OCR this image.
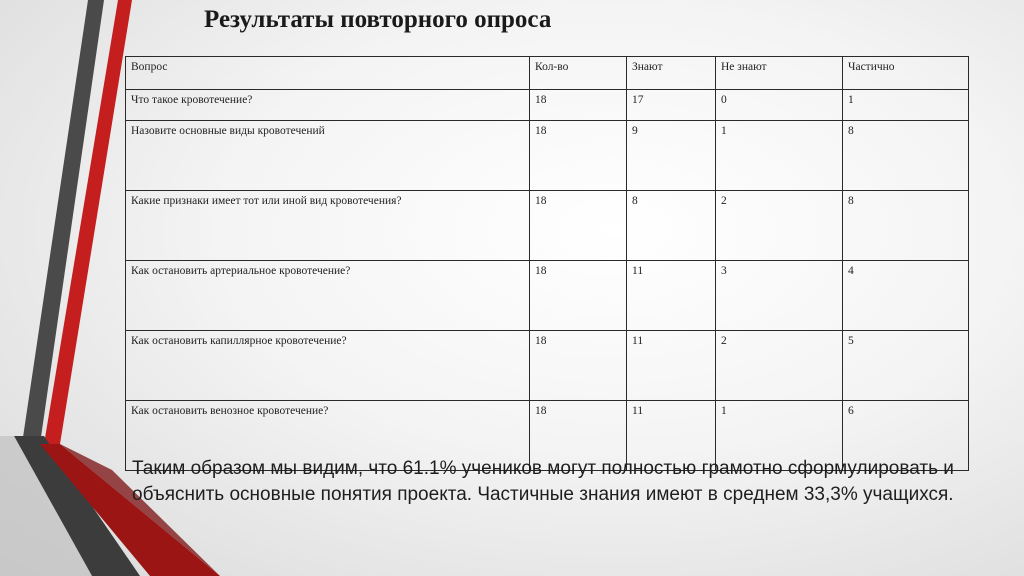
Результаты повторного опроса
Вопрос	Кол-во	Знают	Не знают	Частично
Что такое кровотечение?	18	17	0	1
Назовите основные виды кровотечений	18	9	1	8
Какие признаки имеет тот или иной вид кровотечения?	18	8	2	8
Как остановить артериальное кровотечение?	18	11	3	4
Как остановить капиллярное кровотечение?	18	11	2	5
Как остановить венозное кровотечение?	18	11	1	6
Таким образом мы видим, что 61.1% учеников могут полностью грамотно сформулировать и объяснить основные понятия проекта. Частичные знания имеют в среднем 33,3% учащихся.
